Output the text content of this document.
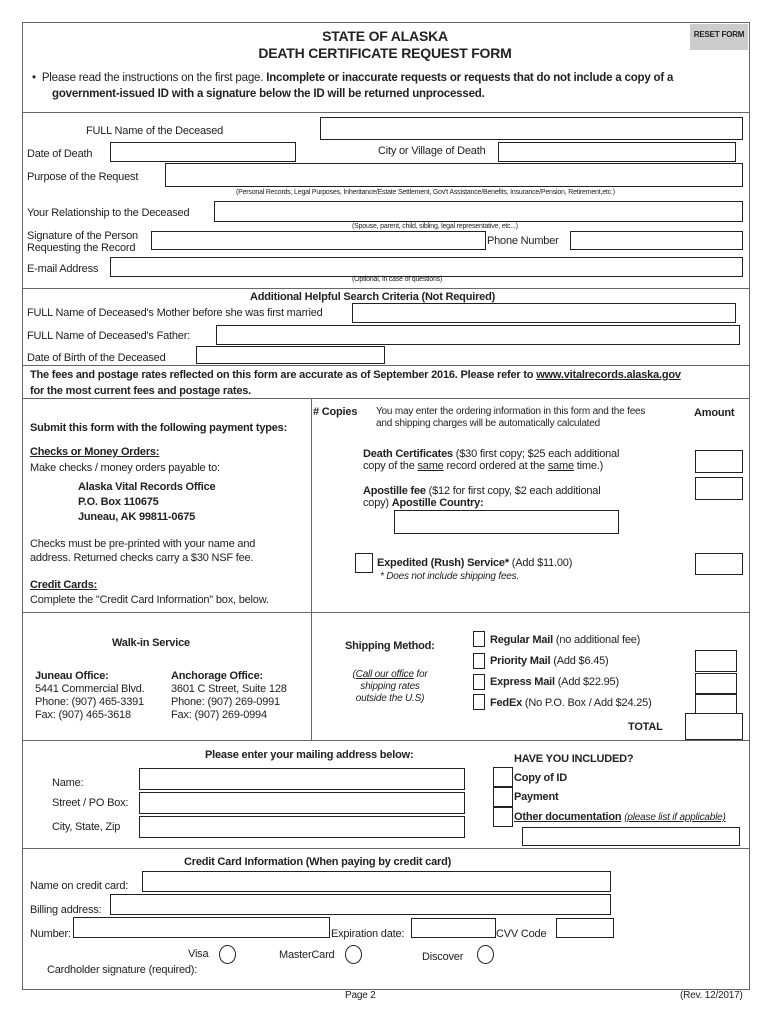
STATE OF ALASKA
DEATH CERTIFICATE REQUEST FORM
RESET FORM
•  Please read the instructions on the first page. Incomplete or inaccurate requests or requests that do not include a copy of a
government-issued ID with a signature below the ID will be returned unprocessed.
FULL Name of the Deceased
Date of Death	City or Village of Death
Purpose of the Request
(Personal Records, Legal Purposes, Inheritance/Estate Settlement, Gov't Assistance/Benefits, Insurance/Pension, Retirement,etc.)
Your Relationship to the Deceased
(Spouse, parent, child, sibling, legal representative, etc...)
Signature of the Person
Requesting the Record
Phone Number
E-mail Address
(Optional, in case of questions)
Additional Helpful Search Criteria (Not Required)
FULL Name of Deceased's Mother before she was first married
FULL Name of Deceased's Father:
Date of Birth of the Deceased
The fees and postage rates reflected on this form are accurate as of September 2016. Please refer to www.vitalrecords.alaska.gov
for the most current fees and postage rates.
Submit this form with the following payment types:
Checks or Money Orders:
Make checks / money orders payable to:
Alaska Vital Records Office
P.O. Box 110675
Juneau, AK 99811-0675
Checks must be pre-printed with your name and
address. Returned checks carry a $30 NSF fee.
Credit Cards:
Complete the "Credit Card Information" box, below.
# Copies You may enter the ordering information in this form and the fees
and shipping charges will be automatically calculated
Amount
Death Certificates ($30 first copy; $25 each additional
copy of the same record ordered at the same time.)
Apostille fee ($12 for first copy, $2 each additional
copy) Apostille Country:
Expedited (Rush) Service* (Add $11.00)
* Does not include shipping fees.
Walk-in Service
Juneau Office:
5441 Commercial Blvd.
Phone: (907) 465-3391
Fax: (907) 465-3618
Anchorage Office:
3601 C Street, Suite 128
Phone: (907) 269-0991
Fax: (907) 269-0994
Shipping Method:
(Call our office for
shipping rates
outside the U.S)
Regular Mail (no additional fee)
Priority Mail (Add $6.45)
Express Mail (Add $22.95)
FedEx (No P.O. Box / Add $24.25)
TOTAL
Please enter your mailing address below:
Name:
Street / PO Box:
City, State, Zip
HAVE YOU INCLUDED?
Copy of ID
Payment
Other documentation (please list if applicable)
Credit Card Information (When paying by credit card)
Name on credit card:
Billing address:
Number:	Expiration date:	CVV Code
Visa	MasterCard	Discover
Cardholder signature (required):
Page 2	(Rev. 12/2017)
